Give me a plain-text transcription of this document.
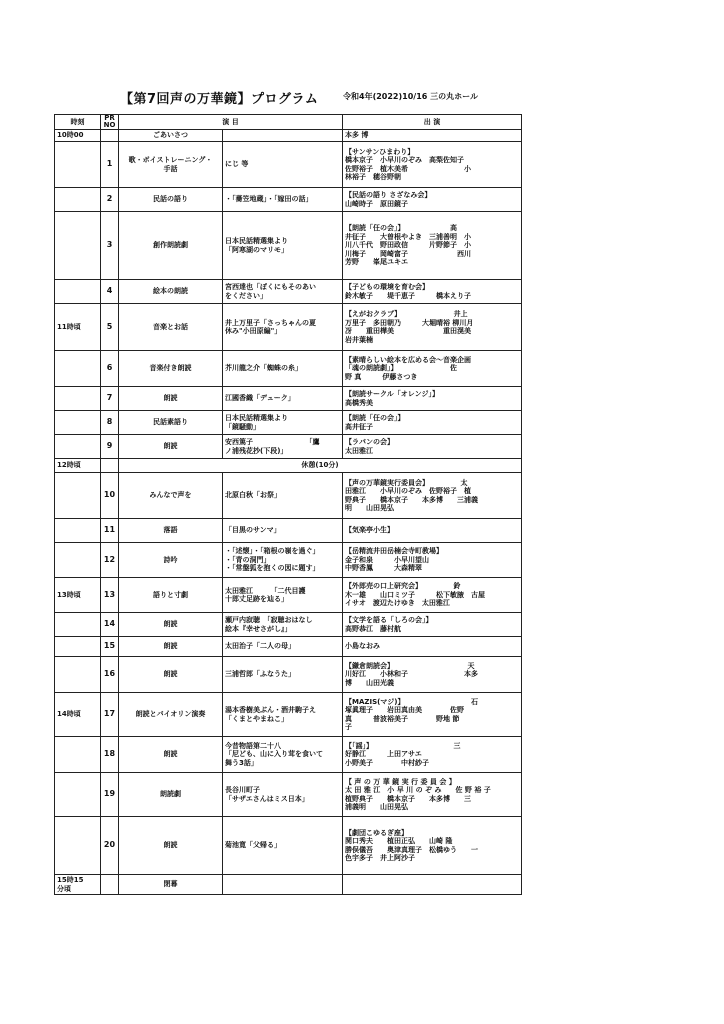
【第7回声の万華鏡】プログラム	令和4年(2022)10/16 三の丸ホール
時刻	PR
NO	演 目		出 演
10時00		ごあいさつ		本多 博
	1	歌・ボイストレーニング・
手話	にじ 等	【サンサンひまわり】
橋本京子　小早川のぞみ　高梨佐知子
佐野裕子　植木美希　　　　　　　　小
林裕子　穂谷野朝
	2	民話の語り	・「蕎笠地蔵」・「嫁田の話」	【民話の語り さざなみ会】
山崎時子　原田鏡子
	3	創作朗読劇	日本民話精選集より
「阿寒湖のマリモ」	【朗読「仼の会」】　　　　　　　高
井征子　　大曽根やよき　三浦善明　小
川八千代　野田政信　　　片野節子　小
川梅子　　岡崎富子　　　　　　　西川
芳野　　峯尾ユキエ
	4	絵本の朗読	宮西達也「ぼくにもそのあい
をください」	【子どもの環境を育む会】
鈴木敏子　　堤千恵子　　　橋本えり子
11時頃	5	音楽とお話	井上万里子「さっちゃんの夏
休み"小田原編"」	【えがおクラブ】　　　　　　　　井上
万里子　多田朝乃　　　大堀晴裕 柳川月
冴　　重田樺美　　　　　　　重田滉美
岩井葉楠
	6	音楽付き朗読	芥川龍之介「蜘蛛の糸」	【素晴らしい絵本を広める会～音楽企画
「魂の朗読劇」】　　　　　　　　佐
野 真　　　伊藤さつき
	7	朗読	江國香織「デューク」	【朗読サークル「オレンジ」】
高橋秀美
	8	民話素語り	日本民話精選集より
「鏡騒動」	【朗読「仼の会」】
高井征子
	9	朗読	安西篤子　　　　　　　　「鷹
ノ浦残花抄(下段)」	【ラパンの会】
太田雅江
12時頃		休憩(10分)		
	10	みんなで声を	北原白秋「お祭」	【声の万華鏡実行委員会】　　　　　太
田雅江　　小早川のぞみ　佐野裕子　植
野典子　　橋本京子　　本多博　　三浦義
明　　山田晃弘
	11	落語	「目黒のサンマ」	【気楽亭小生】
	12	詩吟	・「述懐」・「箱根の嶺を過ぐ」
・「青の洞門」
・「常盤狐を抱くの図に題す」	【岳精流井田岳楠会寺町教場】
金子和泉　　　小早川望山
中野香鳳　　　大森精翠
13時頃	13	語りと寸劇	太田雅江　　　「二代目護
十郎丈足跡を辿る」	【外郎売の口上研究会】　　　　　鈴
木一雄　　山口ミツ子　　　松下敏腋　古屋
イサオ　渡辺たけゆき　太田雅江
	14	朗読	瀬戸内寂聴　「寂聴おはなし
絵本『幸せさがし』」	【文学を語る「しろの会」】
高野恭江　藤村航
	15	朗読	太田治子「二人の母」	小島なおみ
	16	朗読	三浦哲郎「ふなうた」	【鎌倉朗読会】　　　　　　　　　　　天
川好江　　小林和子　　　　　　　　本多
博　　山田光義
14時頃	17	朗読とバイオリン演奏	湯本香樹美ぶん・酒井駒子え
「くまとやまねこ」	【MAZIS(マジ)】　　　　　　　　　　石
塚眞理子　　岩田真由美　　　　佐野
真　　　普波裕美子　　　　野地 節
子
	18	朗読	今昔物語第二十八
「尼ども、山に入り茸を食いて
舞う3話」	【「謡」】　　　　　　　　　　　　三
好静江　　　上田アサエ
小野美子　　　　中村紗子
	19	朗読劇	長谷川町子
「サザエさんはミス日本」	【 声 の 万 華 鏡 実 行 委 員 会 】
太 田 雅 江　小 早 川 の ぞ み　　佐 野 裕 子
植野典子　　橋本京子　　本多博　　三
浦義明　　山田晃弘
	20	朗読	菊池寛「父帰る」	【劇団こゆるぎ座】
関口秀夫　　植田正弘　　山崎 隆
勝俣儀吾　　奥津真理子　松橋ゆう　　一
色宇多子　井上阿沙子
15時15
分頃		閉幕		
